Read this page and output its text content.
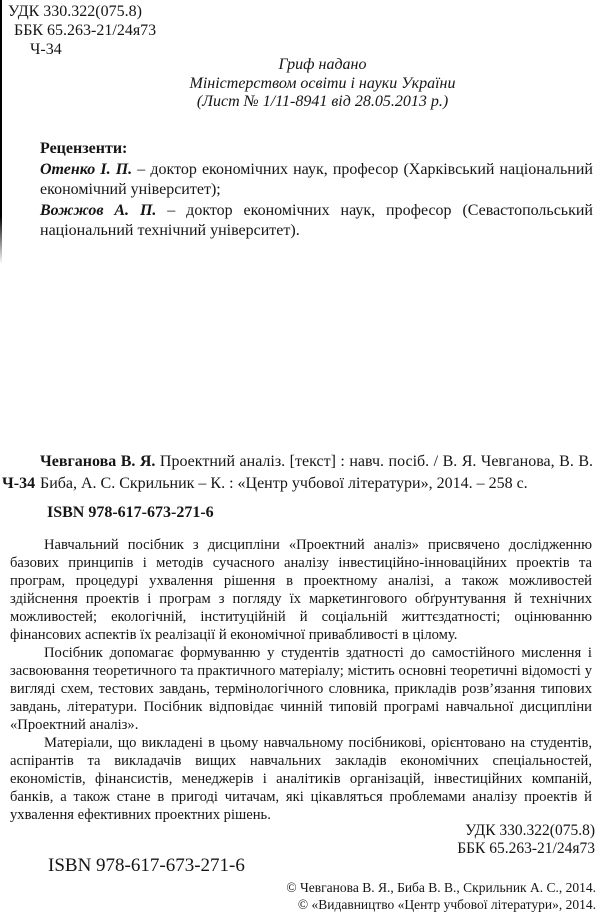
УДК 330.322(075.8)
ББК 65.263-21/24я73
Ч-34
Гриф надано
Міністерством освіти і науки України
(Лист № 1/11-8941 від 28.05.2013 р.)
Рецензенти:

Отенко І. П. – доктор економічних наук, професор (Харківський національний економічний університет);

Вожжов А. П. – доктор економічних наук, професор (Севастопольський національний технічний університет).

Ч-34

Чевганова В. Я. Проектний аналіз. [текст] : навч. посіб. / В. Я. Чевганова, В. В. Биба, А. С. Скрильник – К. : «Центр учбової літератури», 2014. – 258 с.

ISBN 978-617-673-271-6

Навчальний посібник з дисципліни «Проектний аналіз» присвячено дослідженню базових принципів і методів сучасного аналізу інвестиційно-інноваційних проектів та програм, процедурі ухвалення рішення в проектному аналізі, а також можливостей здійснення проектів і програм з погляду їх маркетингового обґрунтування й технічних можливостей; екологічній, інституційній й соціальній життєздатності; оцінюванню фінансових аспектів їх реалізації й економічної привабливості в цілому.

Посібник допомагає формуванню у студентів здатності до самостійного мислення і засвоювання теоретичного та практичного матеріалу; містить основні теоретичні відомості у вигляді схем, тестових завдань, термінологічного словника, прикладів розв’язання типових завдань, літератури. Посібник відповідає чинній типовій програмі навчальної дисципліни «Проектний аналіз».

Матеріали, що викладені в цьому навчальному посібникові, орієнтовано на студентів, аспірантів та викладачів вищих навчальних закладів економічних спеціальностей, економістів, фінансистів, менеджерів і аналітиків організацій, інвестиційних компаній, банків, а також стане в пригоді читачам, які цікавляться проблемами аналізу проектів й ухвалення ефективних проектних рішень.

УДК 330.322(075.8)
ББК 65.263-21/24я73
ISBN 978-617-673-271-6
© Чевганова В. Я., Биба В. В., Скрильник А. С., 2014.
© «Видавництво «Центр учбової літератури», 2014.
